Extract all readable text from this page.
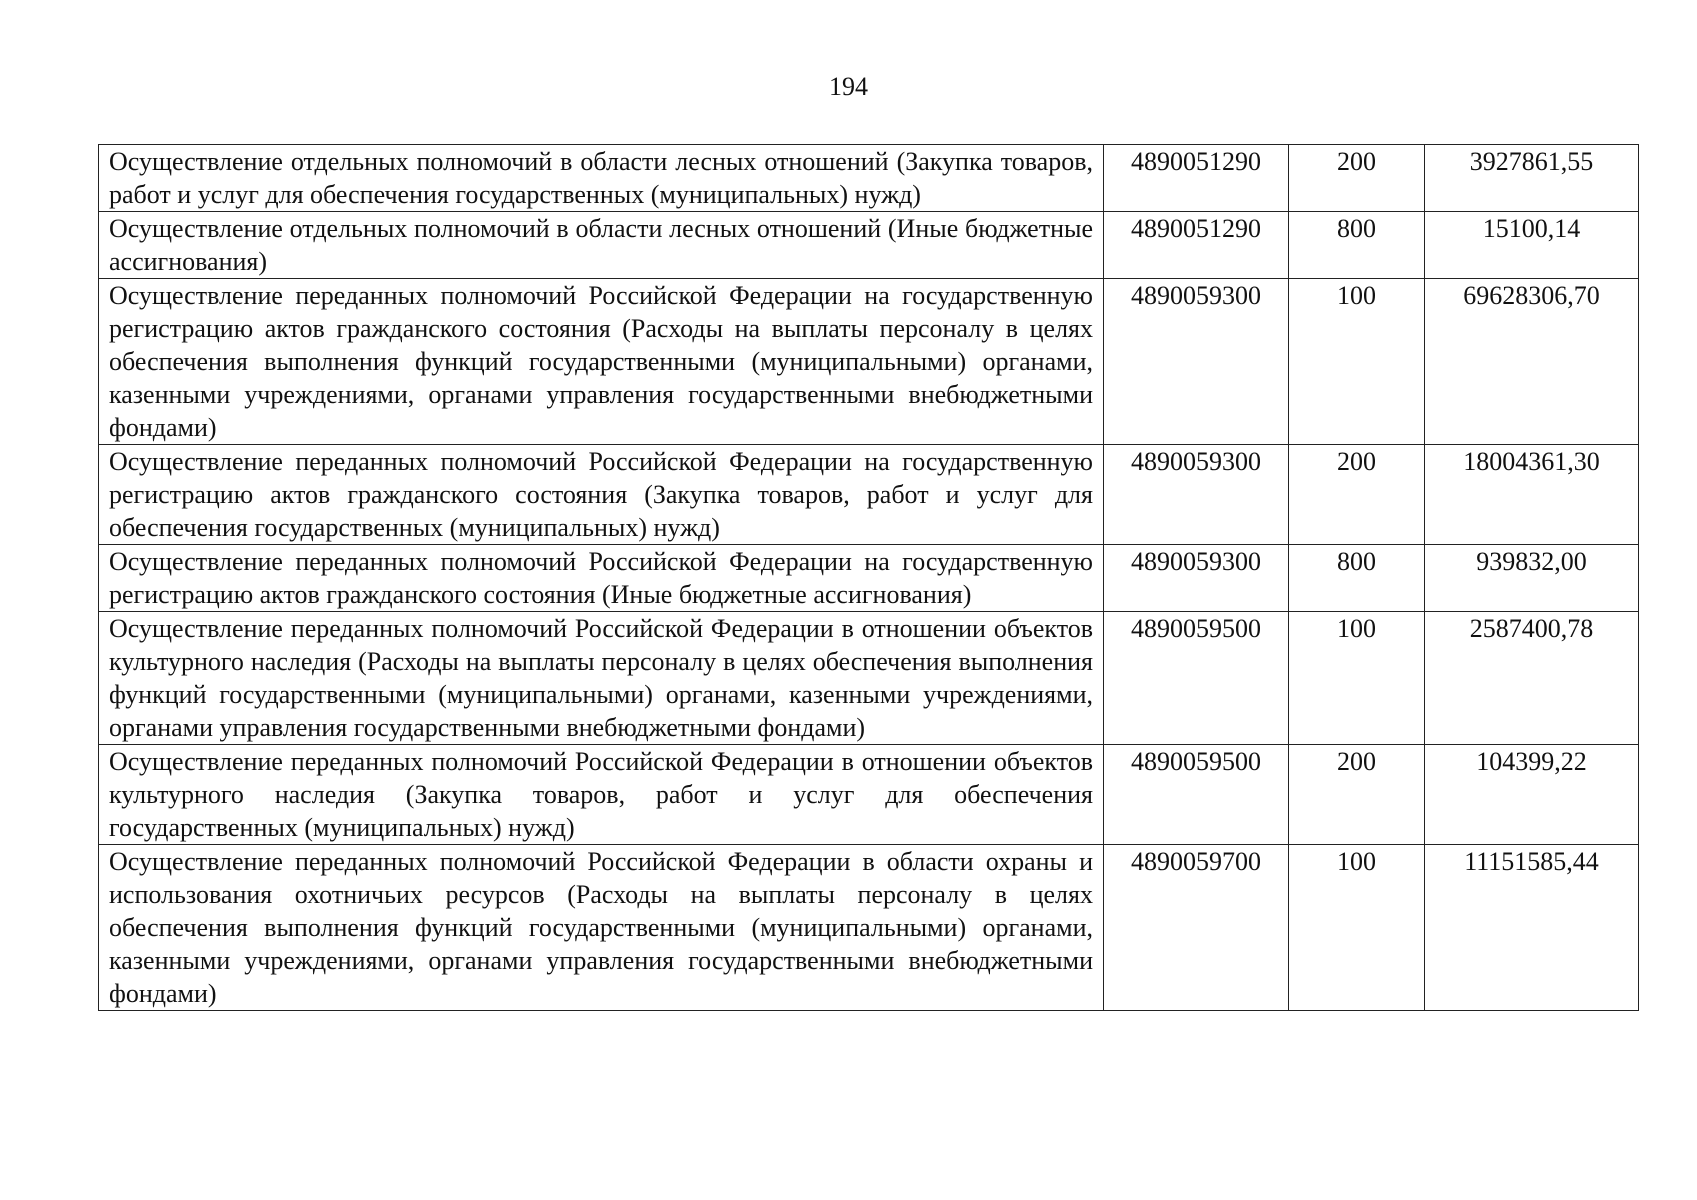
194
Осуществление отдельных полномочий в области лесных отношений (Закупка товаров, работ и услуг для обеспечения государственных (муниципальных) нужд)	4890051290	200	3927861,55
Осуществление отдельных полномочий в области лесных отношений (Иные бюджетные ассигнования)	4890051290	800	15100,14
Осуществление переданных полномочий Российской Федерации на государственную регистрацию актов гражданского состояния (Расходы на выплаты персоналу в целях обеспечения выполнения функций государственными (муниципальными) органами, казенными учреждениями, органами управления государственными внебюджетными фондами)	4890059300	100	69628306,70
Осуществление переданных полномочий Российской Федерации на государственную регистрацию актов гражданского состояния (Закупка товаров, работ и услуг для обеспечения государственных (муниципальных) нужд)	4890059300	200	18004361,30
Осуществление переданных полномочий Российской Федерации на государственную регистрацию актов гражданского состояния (Иные бюджетные ассигнования)	4890059300	800	939832,00
Осуществление переданных полномочий Российской Федерации в отношении объектов культурного наследия (Расходы на выплаты персоналу в целях обеспечения выполнения функций государственными (муниципальными) органами, казенными учреждениями, органами управления государственными внебюджетными фондами)	4890059500	100	2587400,78
Осуществление переданных полномочий Российской Федерации в отношении объектов культурного наследия (Закупка товаров, работ и услуг для обеспечения государственных (муниципальных) нужд)	4890059500	200	104399,22
Осуществление переданных полномочий Российской Федерации в области охраны и использования охотничьих ресурсов (Расходы на выплаты персоналу в целях обеспечения выполнения функций государственными (муниципальными) органами, казенными учреждениями, органами управления государственными внебюджетными фондами)	4890059700	100	11151585,44
